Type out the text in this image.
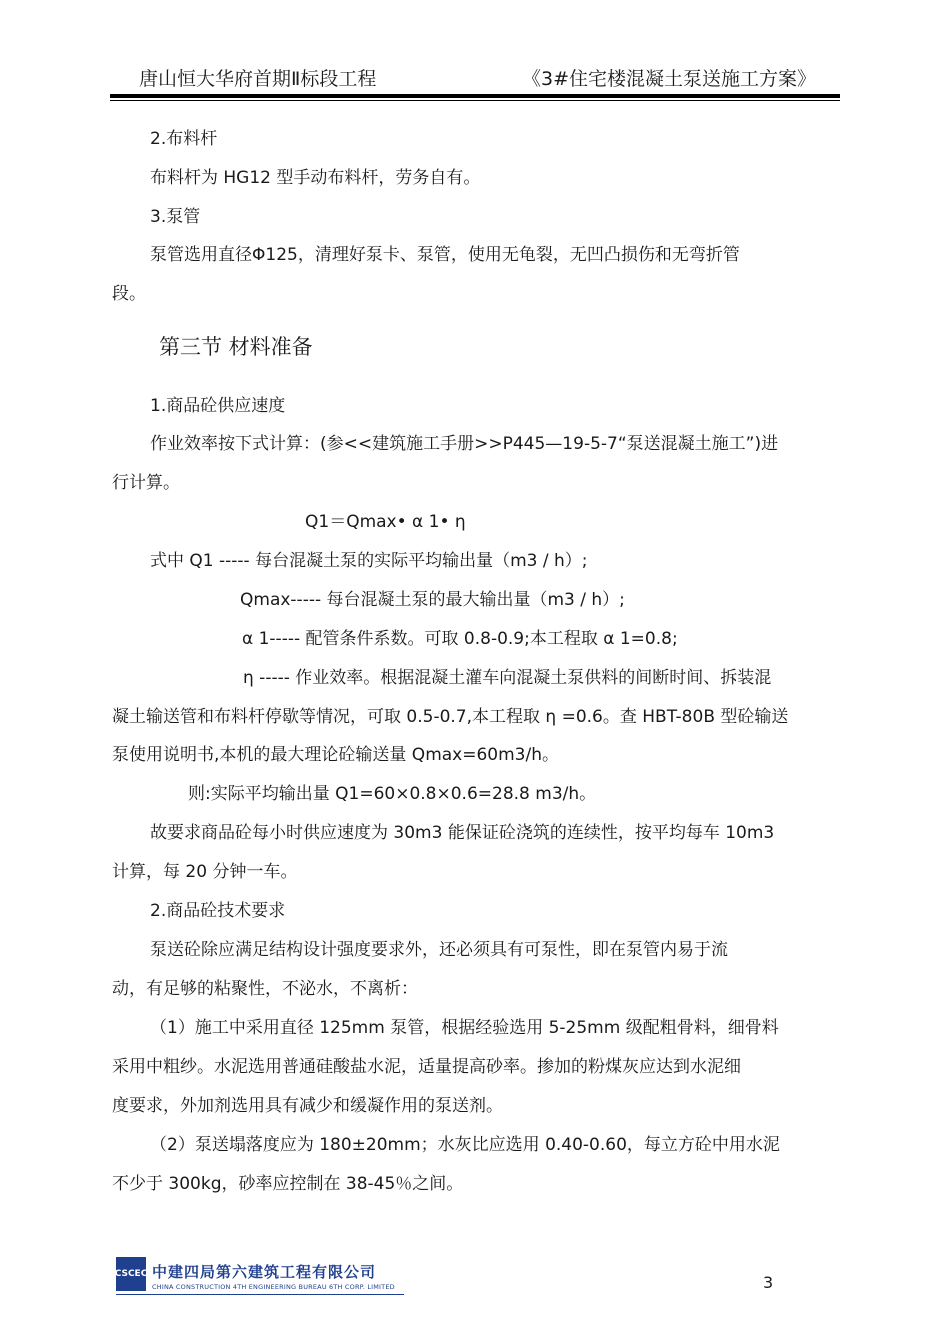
唐山恒大华府首期Ⅱ标段工程	《3#住宅楼混凝土泵送施工方案》
2.布料杆
布料杆为 HG12 型手动布料杆，劳务自有。
3.泵管
泵管选用直径Φ125，清理好泵卡、泵管，使用无龟裂，无凹凸损伤和无弯折管
段。
第三节 材料准备
1.商品砼供应速度
作业效率按下式计算：(参<<建筑施工手册>>P445—19-5-7“泵送混凝土施工”)进
行计算。
Q1＝Qmax• α 1• η
式中 Q1 ----- 每台混凝土泵的实际平均输出量（m3 / h）;
Qmax----- 每台混凝土泵的最大输出量（m3 / h）;
α 1----- 配管条件系数。可取 0.8-0.9;本工程取 α 1=0.8;
η ----- 作业效率。根据混凝土灌车向混凝土泵供料的间断时间、拆装混
凝土输送管和布料杆停歇等情况，可取 0.5-0.7,本工程取 η =0.6。查 HBT-80B 型砼输送
泵使用说明书,本机的最大理论砼输送量 Qmax=60m3/h。
则:实际平均输出量 Q1=60×0.8×0.6=28.8 m3/h。
故要求商品砼每小时供应速度为 30m3 能保证砼浇筑的连续性，按平均每车 10m3
计算，每 20 分钟一车。
2.商品砼技术要求
泵送砼除应满足结构设计强度要求外，还必须具有可泵性，即在泵管内易于流
动，有足够的粘聚性，不泌水，不离析：
（1）施工中采用直径 125mm 泵管，根据经验选用 5-25mm 级配粗骨料，细骨料
采用中粗纱。水泥选用普通硅酸盐水泥，适量提高砂率。掺加的粉煤灰应达到水泥细
度要求，外加剂选用具有减少和缓凝作用的泵送剂。
（2）泵送塌落度应为 180±20mm；水灰比应选用 0.40-0.60，每立方砼中用水泥
不少于 300kg，砂率应控制在 38-45％之间。
CSCEC 中建四局第六建筑工程有限公司
CHINA CONSTRUCTION 4TH ENGINEERING BUREAU 6TH CORP. LIMITED	3
